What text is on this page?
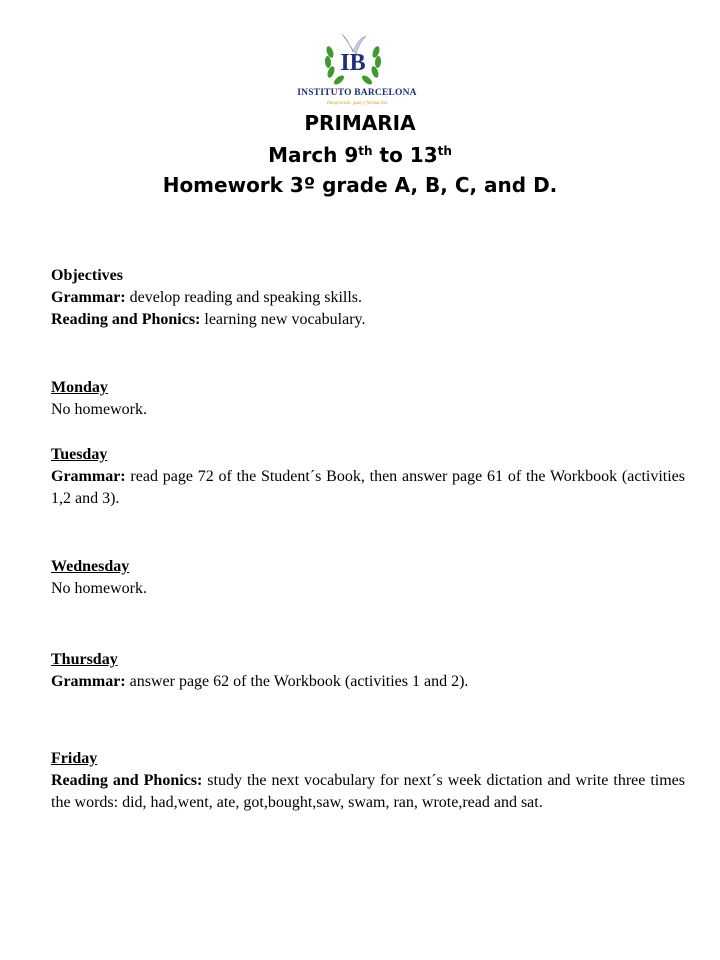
IB
INSTITUTO BARCELONA
Integración, guía y formación
PRIMARIA
March 9th to 13th
Homework 3º grade A, B, C, and D.
Objectives
Grammar: develop reading and speaking skills.
Reading and Phonics: learning new vocabulary.
Monday
No homework.
Tuesday
Grammar: read page 72 of the Student´s Book, then answer page 61 of the Workbook (activities 1,2 and 3).
Wednesday
No homework.
Thursday
Grammar: answer page 62 of the Workbook (activities 1 and 2).
Friday
Reading and Phonics: study the next vocabulary for next´s week dictation and write three times the words: did, had,went, ate, got,bought,saw, swam, ran, wrote,read and sat.
